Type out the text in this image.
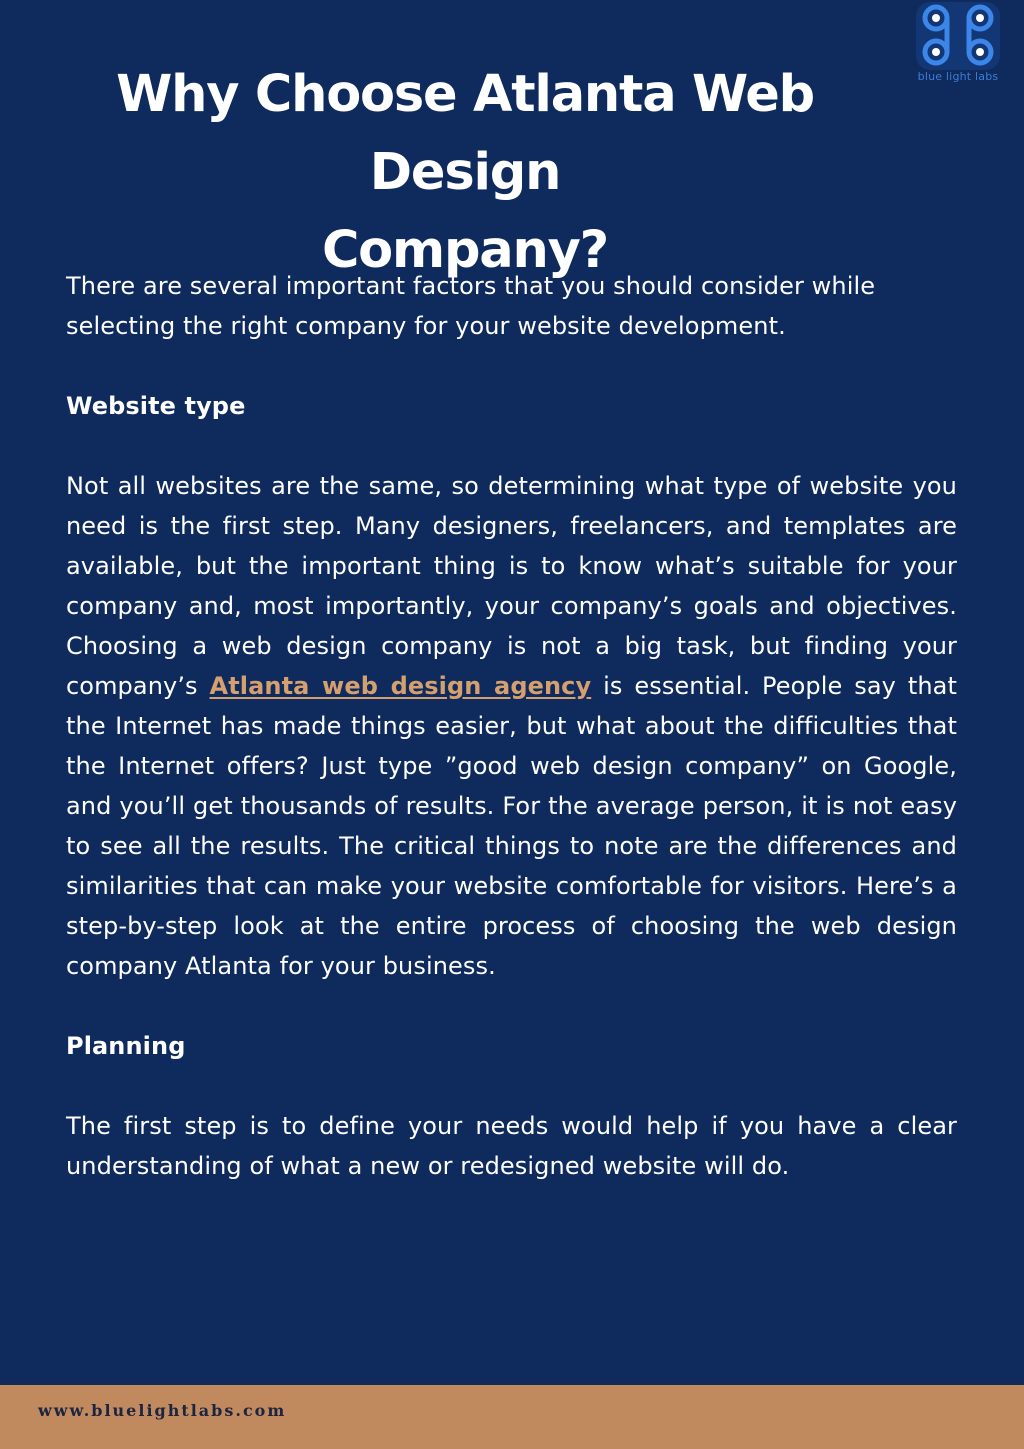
blue light labs
Why Choose Atlanta Web Design
Company?

There are several important factors that you should consider while selecting the right company for your website development.

Website type

Not all websites are the same, so determining what type of website you need is the first step. Many designers, freelancers, and templates are available, but the important thing is to know what’s suitable for your company and, most importantly, your company’s goals and objectives. Choosing a web design company is not a big task, but finding your company’s Atlanta web design agency is essential. People say that the Internet has made things easier, but what about the difficulties that the Internet offers? Just type ”good web design company” on Google, and you’ll get thousands of results. For the average person, it is not easy to see all the results. The critical things to note are the differences and similarities that can make your website comfortable for visitors. Here’s a step-by-step look at the entire process of choosing the web design company Atlanta for your business.

Planning

The first step is to define your needs would help if you have a clear understanding of what a new or redesigned website will do.

www.bluelightlabs.com
